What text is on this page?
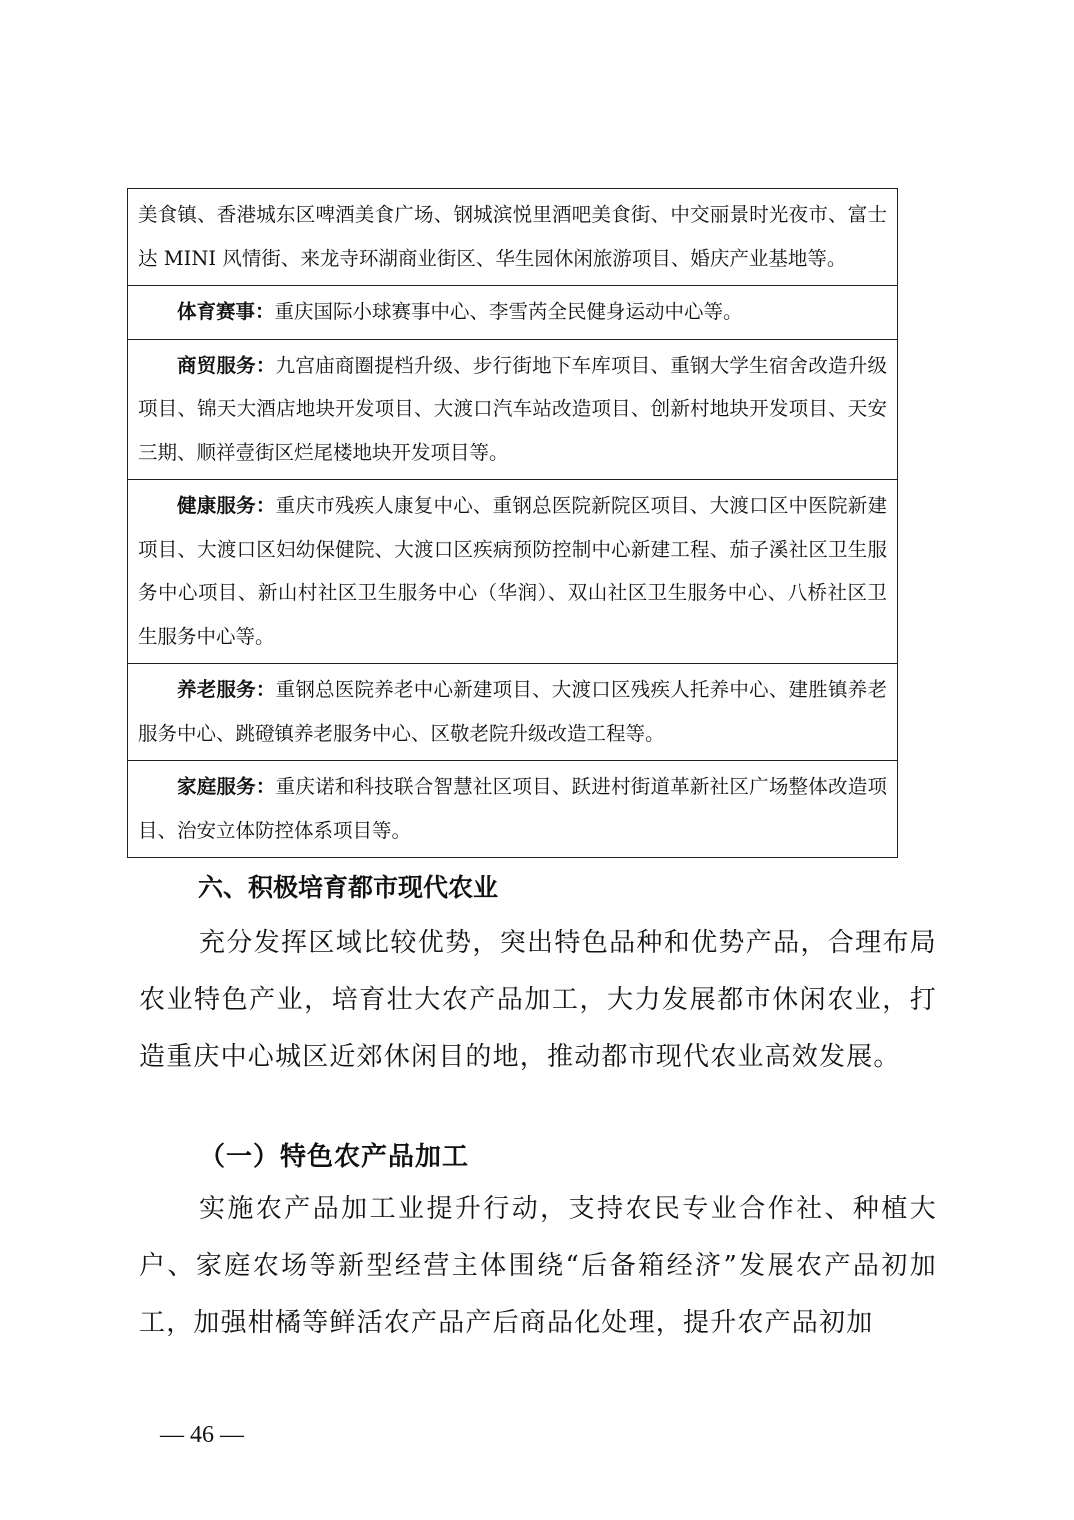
美食镇、香港城东区啤酒美食广场、钢城滨悦里酒吧美食街、中交丽景时光夜市、富士达 MINI 风情街、来龙寺环湖商业街区、华生园休闲旅游项目、婚庆产业基地等。

体育赛事：重庆国际小球赛事中心、李雪芮全民健身运动中心等。

商贸服务：九宫庙商圈提档升级、步行街地下车库项目、重钢大学生宿舍改造升级项目、锦天大酒店地块开发项目、大渡口汽车站改造项目、创新村地块开发项目、天安三期、顺祥壹街区烂尾楼地块开发项目等。

健康服务：重庆市残疾人康复中心、重钢总医院新院区项目、大渡口区中医院新建项目、大渡口区妇幼保健院、大渡口区疾病预防控制中心新建工程、茄子溪社区卫生服务中心项目、新山村社区卫生服务中心（华润）、双山社区卫生服务中心、八桥社区卫生服务中心等。

养老服务：重钢总医院养老中心新建项目、大渡口区残疾人托养中心、建胜镇养老服务中心、跳磴镇养老服务中心、区敬老院升级改造工程等。

家庭服务：重庆诺和科技联合智慧社区项目、跃进村街道革新社区广场整体改造项目、治安立体防控体系项目等。
六、积极培育都市现代农业

充分发挥区域比较优势，突出特色品种和优势产品，合理布局农业特色产业，培育壮大农产品加工，大力发展都市休闲农业，打造重庆中心城区近郊休闲目的地，推动都市现代农业高效发展。

（一）特色农产品加工

实施农产品加工业提升行动，支持农民专业合作社、种植大户、家庭农场等新型经营主体围绕“后备箱经济”发展农产品初加工，加强柑橘等鲜活农产品产后商品化处理，提升农产品初加

— 46 —
